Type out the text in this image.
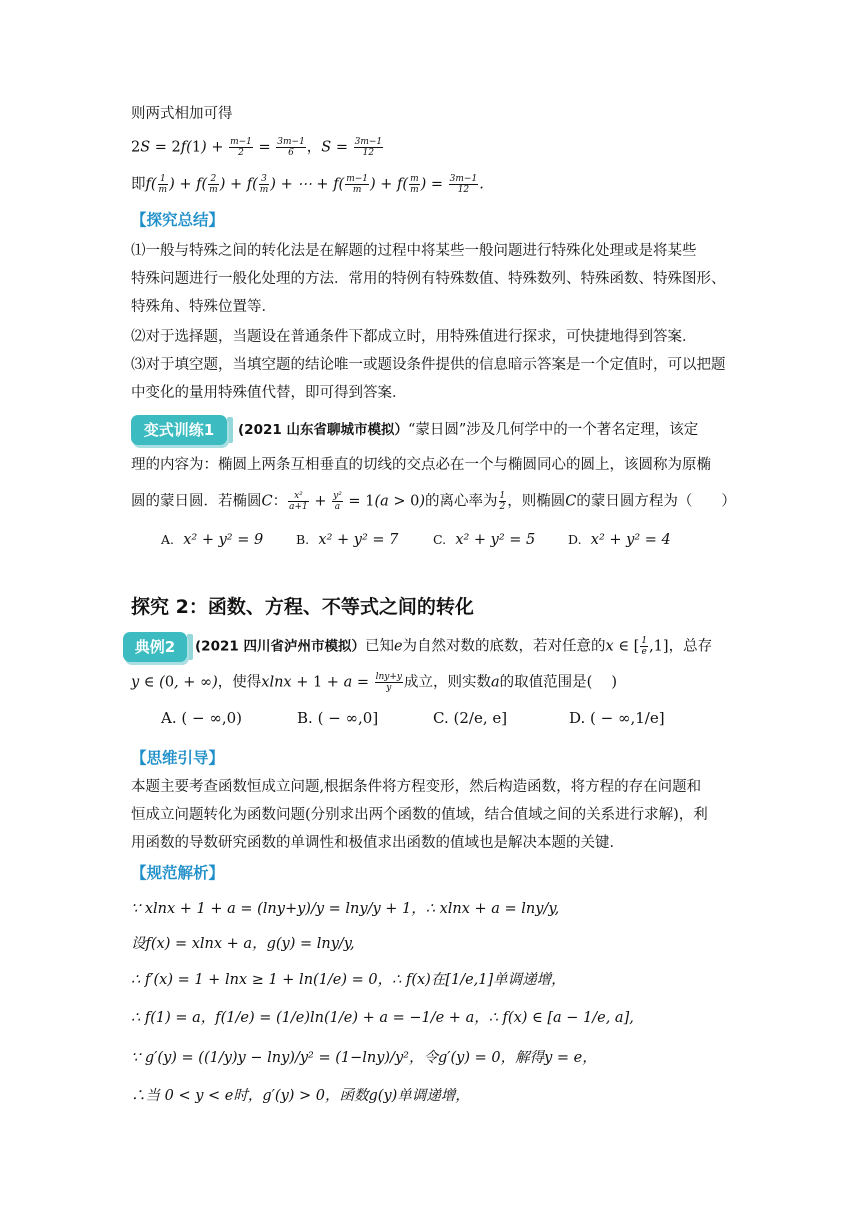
则两式相加可得
$2S = 2f(1) + \frac{m-1}{2} = \frac{3m-1}{6}$ ，$S = \frac{3m-1}{12}$
即$f( \frac{1}{m}$ ) + $f( \frac{2}{m}$ ) + $f( \frac{3}{m}$ ) + ⋯ + $f( \frac{m-1}{m}$ ) + $f( \frac{m}{m}$ ) = $\frac{3m-1}{12}$ .
【探究总结】
⑴一般与特殊之间的转化法是在解题的过程中将某些一般问题进行特殊化处理或是将某些
特殊问题进行一般化处理的方法．常用的特例有特殊数值、特殊数列、特殊函数、特殊图形、
特殊角、特殊位置等．
⑵对于选择题，当题设在普通条件下都成立时，用特殊值进行探求，可快捷地得到答案．
⑶对于填空题，当填空题的结论唯一或题设条件提供的信息暗示答案是一个定值时，可以把题
中变化的量用特殊值代替，即可得到答案．
变式训练1	(2021 山东省聊城市模拟）“蒙日圆”涉及几何学中的一个著名定理，该定
理的内容为：椭圆上两条互相垂直的切线的交点必在一个与椭圆同心的圆上，该圆称为原椭
圆的蒙日圆．若椭圆C： $\frac{\text{x²}}{a+1} + \frac{\text{y²}}{a} = 1(a > 0)$的离心率为 $\frac{1}{2}$ ，则椭圆C的蒙日圆方程为（　　）
A. x² + y² = 9	B. x² + y² = 7	C. x² + y² = 5	D. x² + y² = 4
探究 2：函数、方程、不等式之间的转化
典例2	(2021 四川省泸州市模拟）已知e为自然对数的底数，若对任意的x ∈ [ $\frac{1}{e} ,1$]，总存
y ∈ (0, + ∞)，使得$xlnx + 1 + a = \frac{\ln y+y}{y}$ 成立，则实数a的取值范围是(　 )
A. ( − ∞,0)	B. ( − ∞,0]	C. (2/e, e]	D. ( − ∞,1/e]
【思维引导】
本题主要考查函数恒成立问题,根据条件将方程变形，然后构造函数，将方程的存在问题和
恒成立问题转化为函数问题(分别求出两个函数的值域，结合值域之间的关系进行求解)，利
用函数的导数研究函数的单调性和极值求出函数的值域也是解决本题的关键．
【规范解析】
∵ xlnx + 1 + a = (lny+y)/y = lny/y + 1，∴ xlnx + a = lny/y,
设f(x) = xlnx + a，g(y) = lny/y,
∴ f′(x) = 1 + lnx ≥ 1 + ln(1/e) = 0，∴ f(x)在[1/e,1]单调递增，
∴ f(1) = a，f(1/e) = (1/e)ln(1/e) + a = −1/e + a，∴ f(x) ∈ [a − 1/e, a],
∵ g′(y) = ((1/y)y − lny)/y² = (1−lny)/y²，令g′(y) = 0，解得y = e，
∴当 0 < y < e时，g′(y) > 0，函数g(y)单调递增，
